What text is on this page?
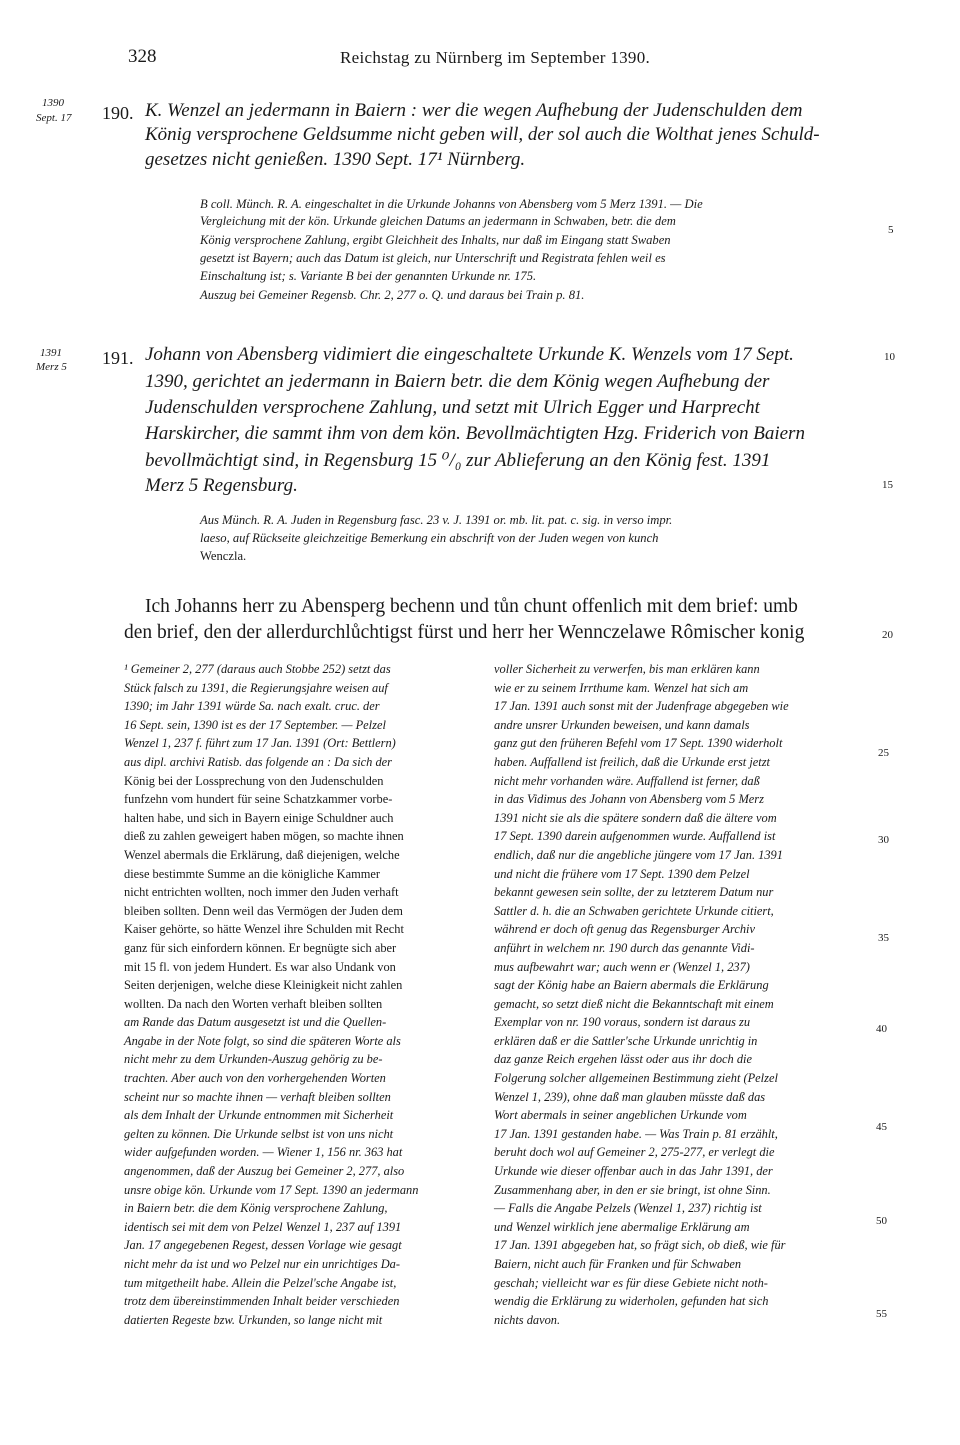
328	Reichstag zu Nürnberg im September 1390.
1390
Sept. 17 190. K. Wenzel an jedermann in Baiern : wer die wegen Aufhebung der Judenschulden dem
König versprochene Geldsumme nicht geben will, der sol auch die Wolthat jenes Schuld-
gesetzes nicht genießen. 1390 Sept. 17¹ Nürnberg.
B coll. Münch. R. A. eingeschaltet in die Urkunde Johanns von Abensberg vom 5 Merz 1391. — Die
Vergleichung mit der kön. Urkunde gleichen Datums an jedermann in Schwaben, betr. die dem
König versprochene Zahlung, ergibt Gleichheit des Inhalts, nur daß im Eingang statt Swaben
gesetzt ist Bayern; auch das Datum ist gleich, nur Unterschrift und Registrata fehlen weil es
Einschaltung ist; s. Variante B bei der genannten Urkunde nr. 175.
Auszug bei Gemeiner Regensb. Chr. 2, 277 o. Q. und daraus bei Train p. 81.
1391
Merz 5 191. Johann von Abensberg vidimiert die eingeschaltete Urkunde K. Wenzels vom 17 Sept.
1390, gerichtet an jedermann in Baiern betr. die dem König wegen Aufhebung der
Judenschulden versprochene Zahlung, und setzt mit Ulrich Egger und Harprecht
Harskircher, die sammt ihm von dem kön. Bevollmächtigten Hzg. Friderich von Baiern
bevollmächtigt sind, in Regensburg 15 ⁰/₀ zur Ablieferung an den König fest. 1391
Merz 5 Regensburg.
Aus Münch. R. A. Juden in Regensburg fasc. 23 v. J. 1391 or. mb. lit. pat. c. sig. in verso impr.
laeso, auf Rückseite gleichzeitige Bemerkung ein abschrift von der Juden wegen von kunch
Wenczla.
Ich Johanns herr zu Abensperg bechenn und tůn chunt offenlich mit dem brief: umb
den brief, den der allerdurchlůchtigst fürst und herr her Wennczelawe Rômischer konig
5
10
15
20
25
30
35
40
45
50
55
¹ Gemeiner 2, 277 (daraus auch Stobbe 252) setzt das
Stück falsch zu 1391, die Regierungsjahre weisen auf
1390; im Jahr 1391 würde Sa. nach exalt. cruc. der
16 Sept. sein, 1390 ist es der 17 September. — Pelzel
Wenzel 1, 237 f. führt zum 17 Jan. 1391 (Ort: Bettlern)
aus dipl. archivi Ratisb. das folgende an : Da sich der
König bei der Lossprechung von den Judenschulden
funfzehn vom hundert für seine Schatzkammer vorbe-
halten habe, und sich in Bayern einige Schuldner auch
dieß zu zahlen geweigert haben mögen, so machte ihnen
Wenzel abermals die Erklärung, daß diejenigen, welche
diese bestimmte Summe an die königliche Kammer
nicht entrichten wollten, noch immer den Juden verhaft
bleiben sollten. Denn weil das Vermögen der Juden dem
Kaiser gehörte, so hätte Wenzel ihre Schulden mit Recht
ganz für sich einfordern können. Er begnügte sich aber
mit 15 fl. von jedem Hundert. Es war also Undank von
Seiten derjenigen, welche diese Kleinigkeit nicht zahlen
wollten. Da nach den Worten verhaft bleiben sollten
am Rande das Datum ausgesetzt ist und die Quellen-
Angabe in der Note folgt, so sind die späteren Worte als
nicht mehr zu dem Urkunden-Auszug gehörig zu be-
trachten. Aber auch von den vorhergehenden Worten
scheint nur so machte ihnen — verhaft bleiben sollten
als dem Inhalt der Urkunde entnommen mit Sicherheit
gelten zu können. Die Urkunde selbst ist von uns nicht
wider aufgefunden worden. — Wiener 1, 156 nr. 363 hat
angenommen, daß der Auszug bei Gemeiner 2, 277, also
unsre obige kön. Urkunde vom 17 Sept. 1390 an jedermann
in Baiern betr. die dem König versprochene Zahlung,
identisch sei mit dem von Pelzel Wenzel 1, 237 auf 1391
Jan. 17 angegebenen Regest, dessen Vorlage wie gesagt
nicht mehr da ist und wo Pelzel nur ein unrichtiges Da-
tum mitgetheilt habe. Allein die Pelzel'sche Angabe ist,
trotz dem übereinstimmenden Inhalt beider verschieden
datierten Regeste bzw. Urkunden, so lange nicht mit
voller Sicherheit zu verwerfen, bis man erklären kann
wie er zu seinem Irrthume kam. Wenzel hat sich am
17 Jan. 1391 auch sonst mit der Judenfrage abgegeben wie
andre unsrer Urkunden beweisen, und kann damals
ganz gut den früheren Befehl vom 17 Sept. 1390 widerholt
haben. Auffallend ist freilich, daß die Urkunde erst jetzt
nicht mehr vorhanden wäre. Auffallend ist ferner, daß
in das Vidimus des Johann von Abensberg vom 5 Merz
1391 nicht sie als die spätere sondern daß die ältere vom
17 Sept. 1390 darein aufgenommen wurde. Auffallend ist
endlich, daß nur die angebliche jüngere vom 17 Jan. 1391
und nicht die frühere vom 17 Sept. 1390 dem Pelzel
bekannt gewesen sein sollte, der zu letzterem Datum nur
Sattler d. h. die an Schwaben gerichtete Urkunde citiert,
während er doch oft genug das Regensburger Archiv
anführt in welchem nr. 190 durch das genannte Vidi-
mus aufbewahrt war; auch wenn er (Wenzel 1, 237)
sagt der König habe an Baiern abermals die Erklärung
gemacht, so setzt dieß nicht die Bekanntschaft mit einem
Exemplar von nr. 190 voraus, sondern ist daraus zu
erklären daß er die Sattler'sche Urkunde unrichtig in
daz ganze Reich ergehen lässt oder aus ihr doch die
Folgerung solcher allgemeinen Bestimmung zieht (Pelzel
Wenzel 1, 239), ohne daß man glauben müsste daß das
Wort abermals in seiner angeblichen Urkunde vom
17 Jan. 1391 gestanden habe. — Was Train p. 81 erzählt,
beruht doch wol auf Gemeiner 2, 275-277, er verlegt die
Urkunde wie dieser offenbar auch in das Jahr 1391, der
Zusammenhang aber, in den er sie bringt, ist ohne Sinn.
— Falls die Angabe Pelzels (Wenzel 1, 237) richtig ist
und Wenzel wirklich jene abermalige Erklärung am
17 Jan. 1391 abgegeben hat, so frägt sich, ob dieß, wie für
Baiern, nicht auch für Franken und für Schwaben
geschah; vielleicht war es für diese Gebiete nicht noth-
wendig die Erklärung zu widerholen, gefunden hat sich
nichts davon.
